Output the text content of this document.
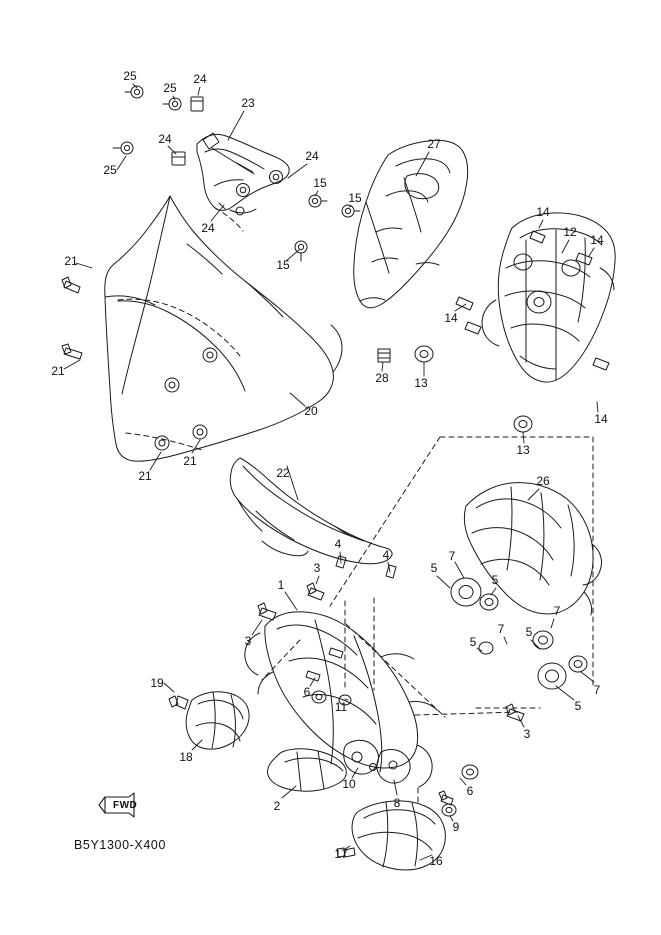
FWD
B5Y1300-X400
25
25
24
23
24
25
24
27
15
15
24
14
12
14
21	15
14
21
13
14
28
20
13
21
21	22
26
4
4	7
5
3
1	5
7
3
7 5
5
7
19
6
11	5
3
18
10	6
2	8
9
17	16
